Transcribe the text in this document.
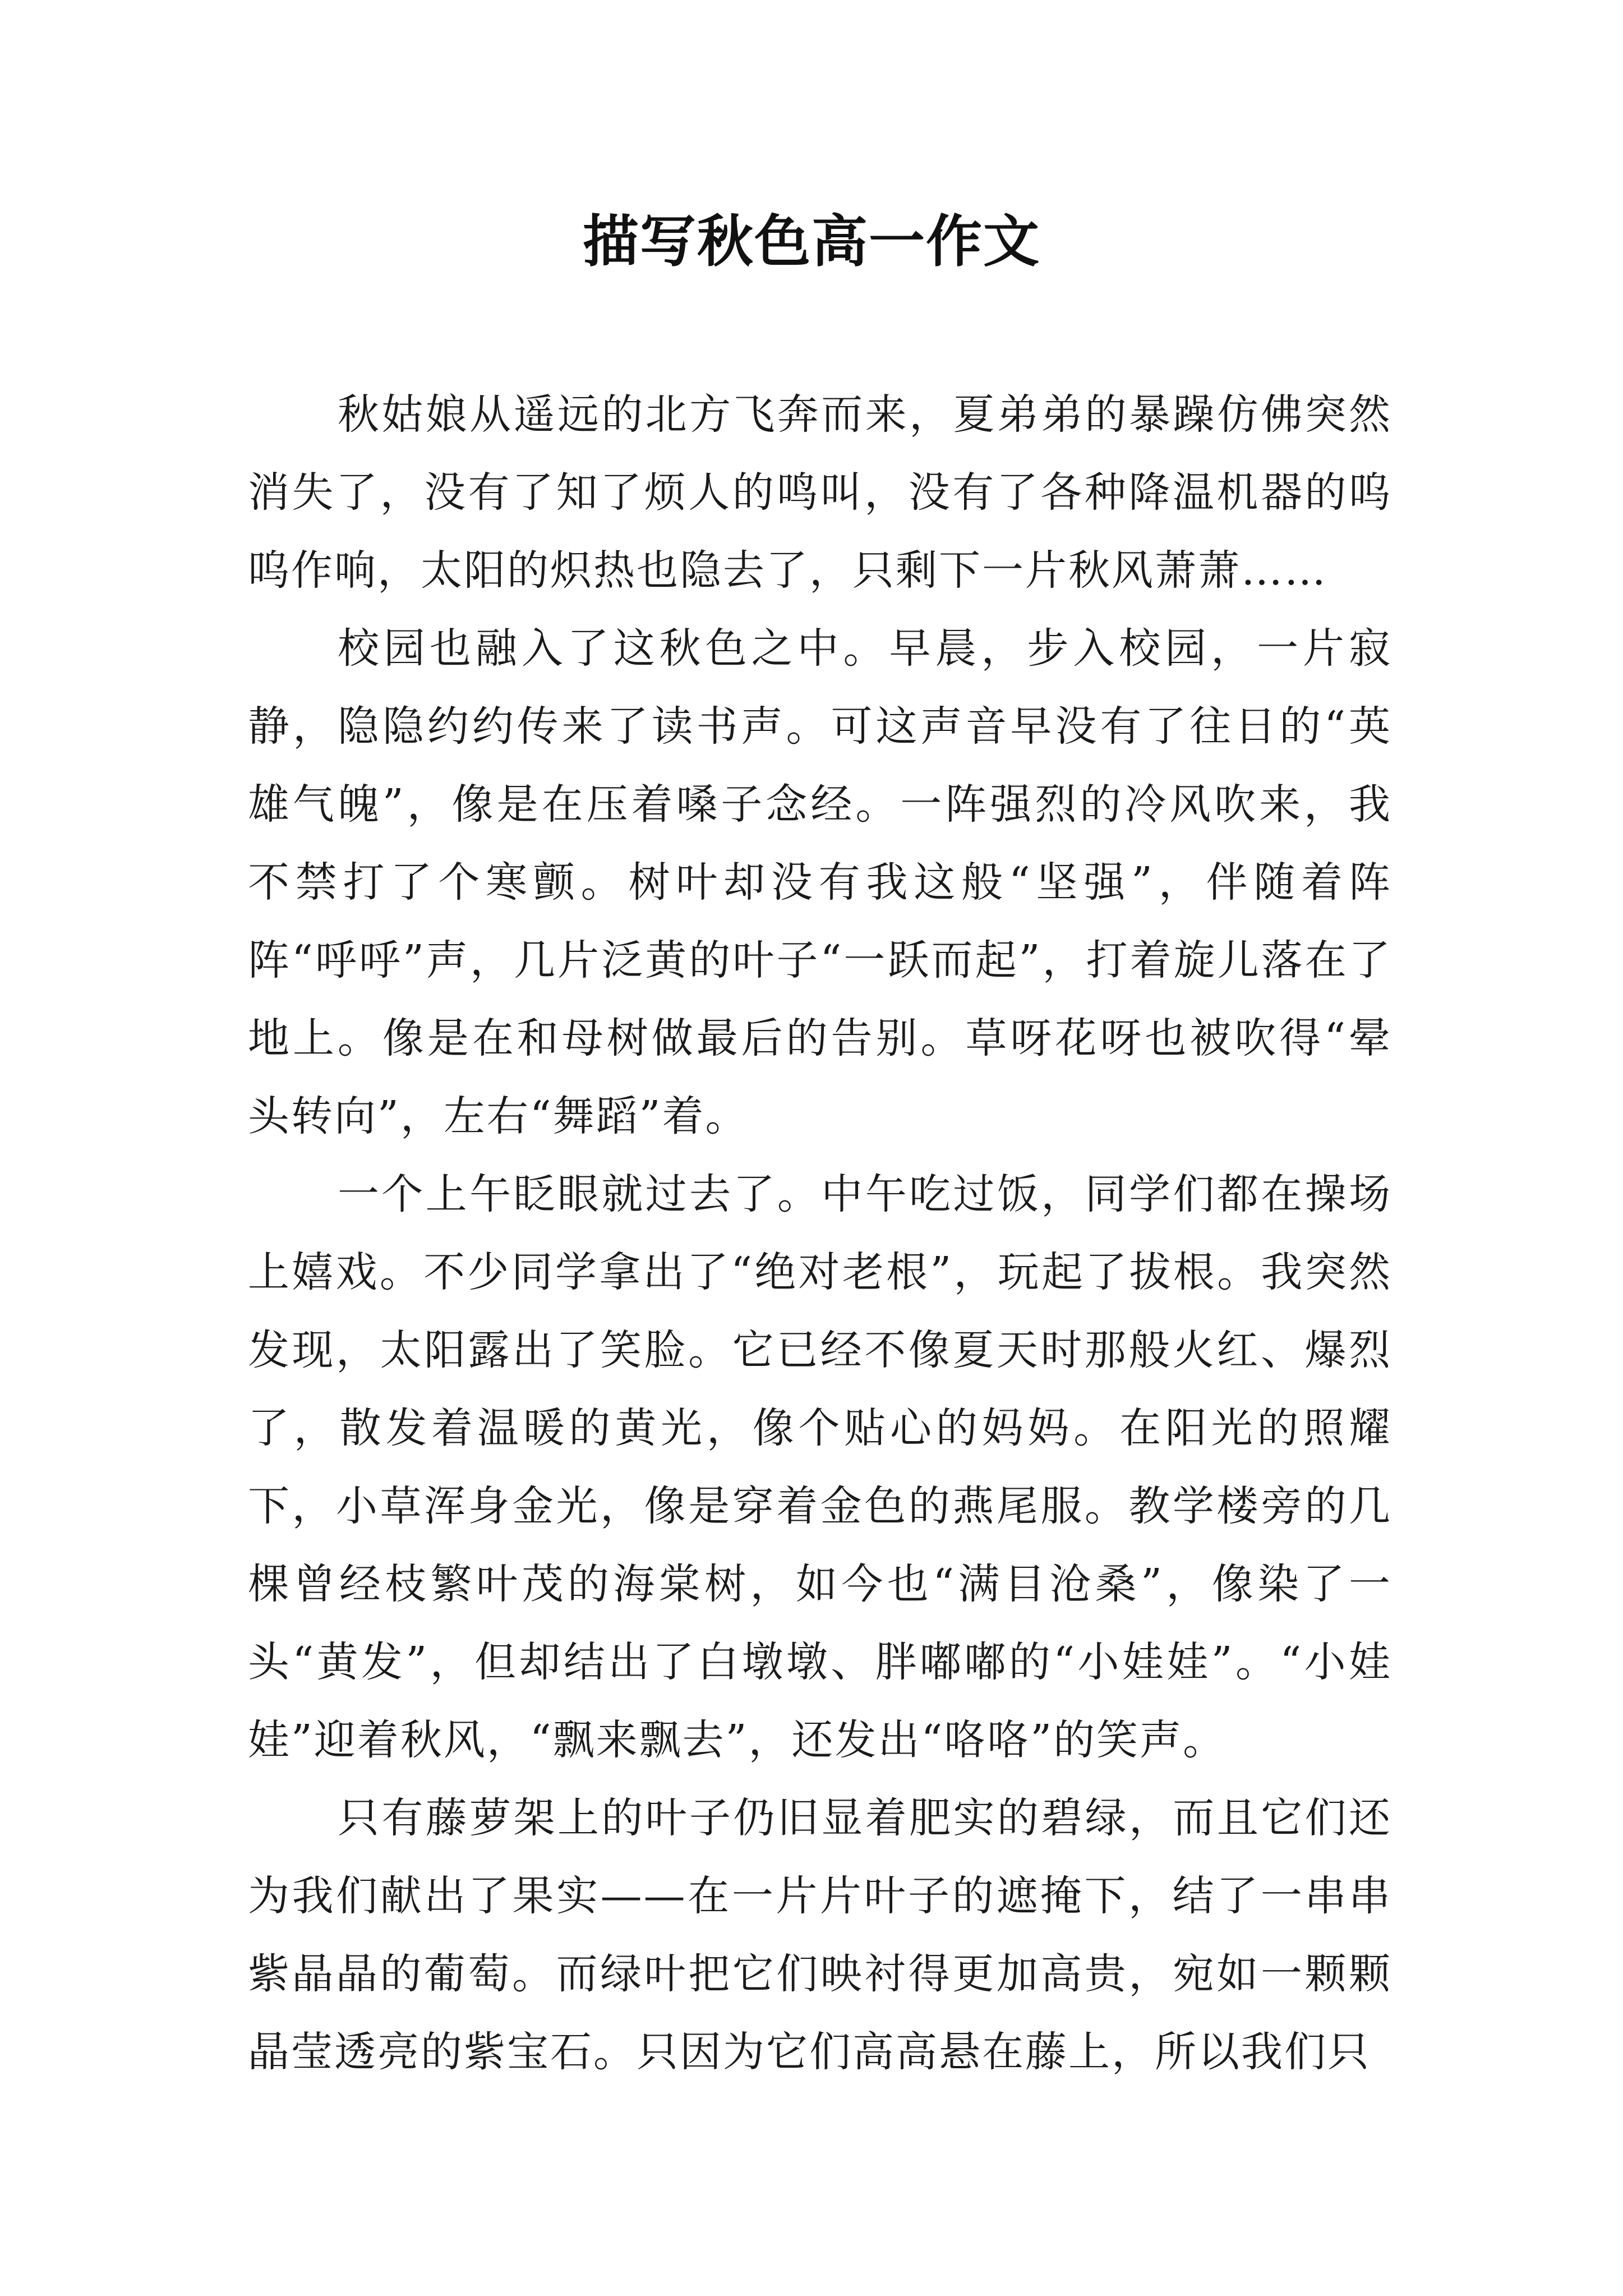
描写秋色高一作文

秋姑娘从遥远的北方飞奔而来，夏弟弟的暴躁仿佛突然消失了，没有了知了烦人的鸣叫，没有了各种降温机器的呜呜作响，太阳的炽热也隐去了，只剩下一片秋风萧萧……

校园也融入了这秋色之中。早晨，步入校园，一片寂静，隐隐约约传来了读书声。可这声音早没有了往日的“英雄气魄”，像是在压着嗓子念经。一阵强烈的冷风吹来，我不禁打了个寒颤。树叶却没有我这般“坚强”，伴随着阵阵“呼呼”声，几片泛黄的叶子“一跃而起”，打着旋儿落在了地上。像是在和母树做最后的告别。草呀花呀也被吹得“晕头转向”，左右“舞蹈”着。

一个上午眨眼就过去了。中午吃过饭，同学们都在操场上嬉戏。不少同学拿出了“绝对老根”，玩起了拔根。我突然发现，太阳露出了笑脸。它已经不像夏天时那般火红、爆烈了，散发着温暖的黄光，像个贴心的妈妈。在阳光的照耀下，小草浑身金光，像是穿着金色的燕尾服。教学楼旁的几棵曾经枝繁叶茂的海棠树，如今也“满目沧桑”，像染了一头“黄发”，但却结出了白墩墩、胖嘟嘟的“小娃娃”。“小娃娃”迎着秋风，“飘来飘去”，还发出“咯咯”的笑声。

只有藤萝架上的叶子仍旧显着肥实的碧绿，而且它们还为我们献出了果实——在一片片叶子的遮掩下，结了一串串紫晶晶的葡萄。而绿叶把它们映衬得更加高贵，宛如一颗颗晶莹透亮的紫宝石。只因为它们高高悬在藤上，所以我们只
